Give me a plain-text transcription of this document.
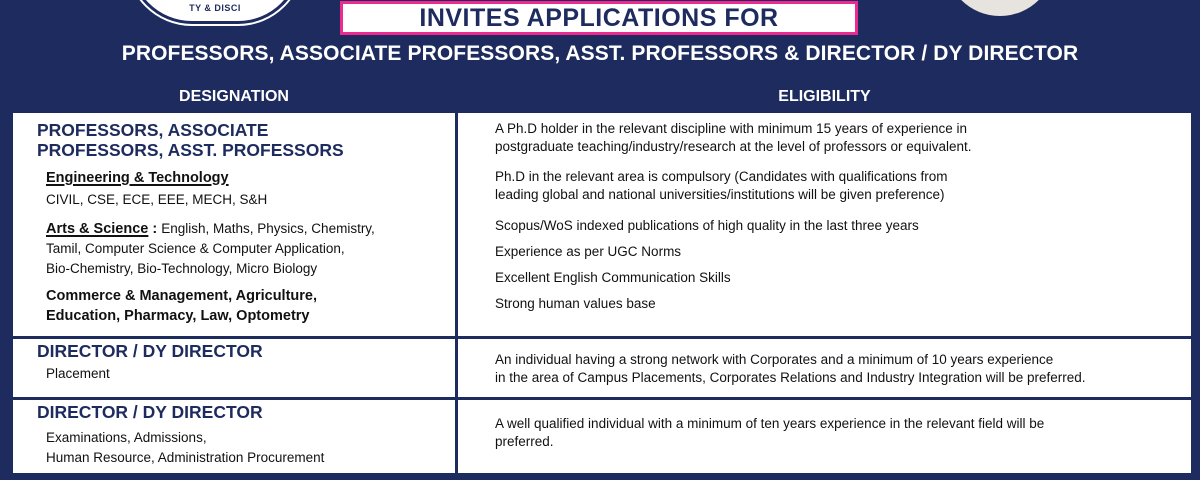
TY & DISCI	INVITES APPLICATIONS FOR
PROFESSORS, ASSOCIATE PROFESSORS, ASST. PROFESSORS & DIRECTOR / DY DIRECTOR
DESIGNATION	ELIGIBILITY
PROFESSORS, ASSOCIATE
PROFESSORS, ASST. PROFESSORS
Engineering & Technology
CIVIL, CSE, ECE, EEE, MECH, S&H
Arts & Science : English, Maths, Physics, Chemistry,
Tamil, Computer Science & Computer Application,
Bio-Chemistry, Bio-Technology, Micro Biology
Commerce & Management, Agriculture,
Education, Pharmacy, Law, Optometry
A Ph.D holder in the relevant discipline with minimum 15 years of experience in
postgraduate teaching/industry/research at the level of professors or equivalent.
Ph.D in the relevant area is compulsory (Candidates with qualifications from
leading global and national universities/institutions will be given preference)
Scopus/WoS indexed publications of high quality in the last three years
Experience as per UGC Norms
Excellent English Communication Skills
Strong human values base
DIRECTOR / DY DIRECTOR
Placement
An individual having a strong network with Corporates and a minimum of 10 years experience
in the area of Campus Placements, Corporates Relations and Industry Integration will be preferred.
DIRECTOR / DY DIRECTOR
Examinations, Admissions,
Human Resource, Administration Procurement
A well qualified individual with a minimum of ten years experience in the relevant field will be
preferred.
